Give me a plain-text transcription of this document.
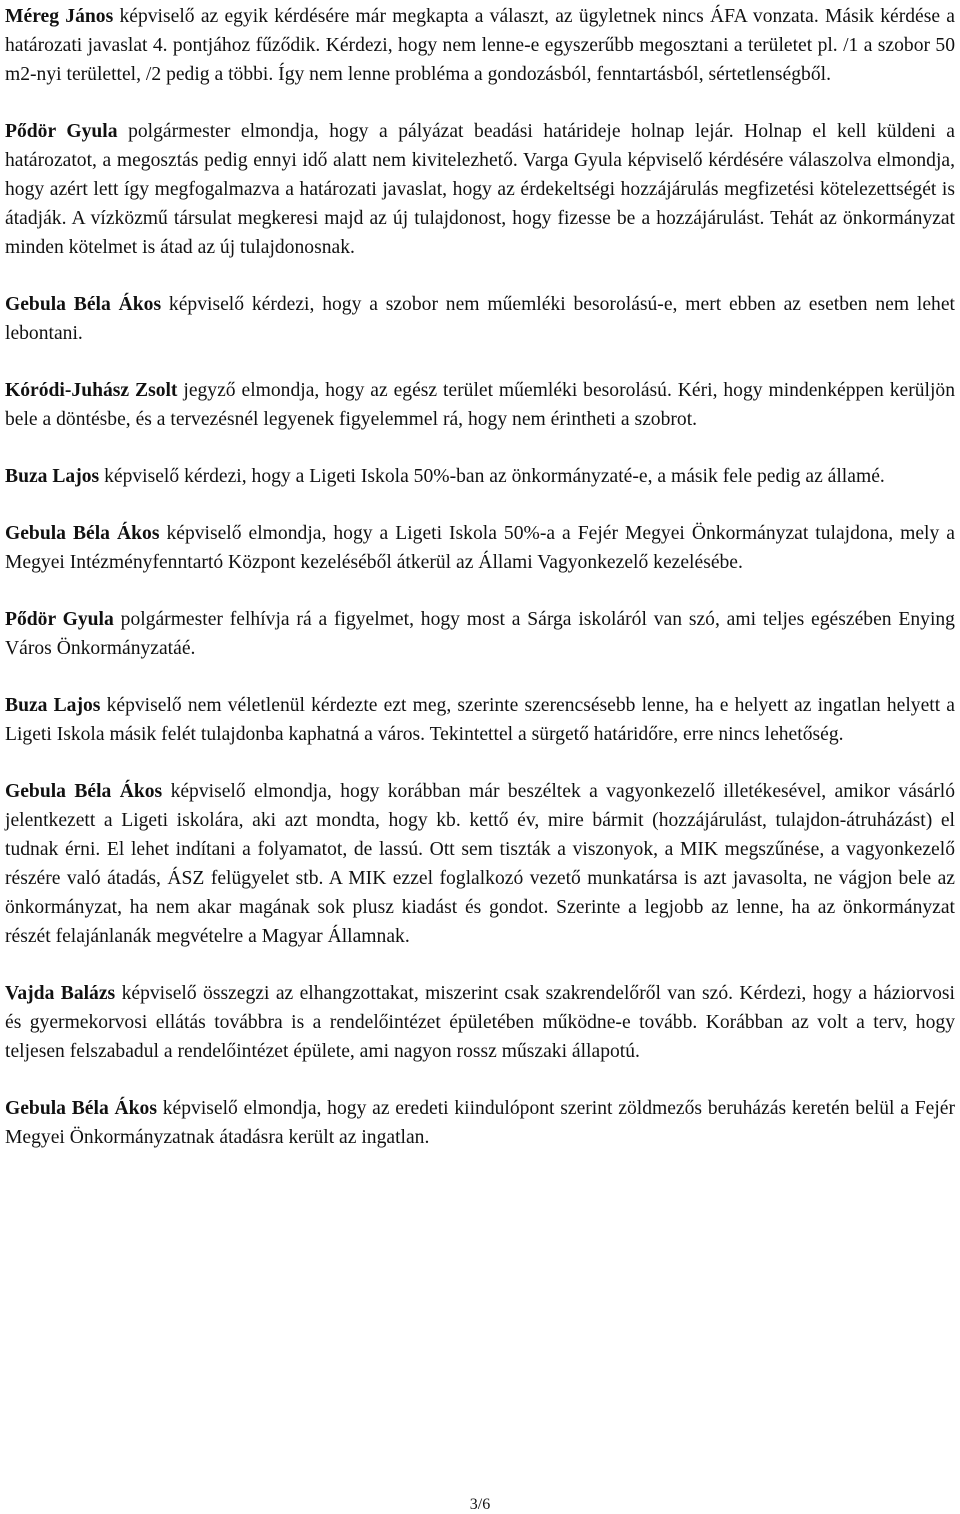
Méreg János képviselő az egyik kérdésére már megkapta a választ, az ügyletnek nincs ÁFA vonzata. Másik kérdése a határozati javaslat 4. pontjához fűződik. Kérdezi, hogy nem lenne-e egyszerűbb megosztani a területet pl. /1 a szobor 50 m2-nyi területtel, /2 pedig a többi. Így nem lenne probléma a gondozásból, fenntartásból, sértetlenségből.

Pődör Gyula polgármester elmondja, hogy a pályázat beadási határideje holnap lejár. Holnap el kell küldeni a határozatot, a megosztás pedig ennyi idő alatt nem kivitelezhető. Varga Gyula képviselő kérdésére válaszolva elmondja, hogy azért lett így megfogalmazva a határozati javaslat, hogy az érdekeltségi hozzájárulás megfizetési kötelezettségét is átadják. A vízközmű társulat megkeresi majd az új tulajdonost, hogy fizesse be a hozzájárulást. Tehát az önkormányzat minden kötelmet is átad az új tulajdonosnak.

Gebula Béla Ákos képviselő kérdezi, hogy a szobor nem műemléki besorolású-e, mert ebben az esetben nem lehet lebontani.

Kóródi-Juhász Zsolt jegyző elmondja, hogy az egész terület műemléki besorolású. Kéri, hogy mindenképpen kerüljön bele a döntésbe, és a tervezésnél legyenek figyelemmel rá, hogy nem érintheti a szobrot.

Buza Lajos képviselő kérdezi, hogy a Ligeti Iskola 50%-ban az önkormányzaté-e, a másik fele pedig az államé.

Gebula Béla Ákos képviselő elmondja, hogy a Ligeti Iskola 50%-a a Fejér Megyei Önkormányzat tulajdona, mely a Megyei Intézményfenntartó Központ kezeléséből átkerül az Állami Vagyonkezelő kezelésébe.

Pődör Gyula polgármester felhívja rá a figyelmet, hogy most a Sárga iskoláról van szó, ami teljes egészében Enying Város Önkormányzatáé.

Buza Lajos képviselő nem véletlenül kérdezte ezt meg, szerinte szerencsésebb lenne, ha e helyett az ingatlan helyett a Ligeti Iskola másik felét tulajdonba kaphatná a város. Tekintettel a sürgető határidőre, erre nincs lehetőség.

Gebula Béla Ákos képviselő elmondja, hogy korábban már beszéltek a vagyonkezelő illetékesével, amikor vásárló jelentkezett a Ligeti iskolára, aki azt mondta, hogy kb. kettő év, mire bármit (hozzájárulást, tulajdon-átruházást) el tudnak érni. El lehet indítani a folyamatot, de lassú. Ott sem tiszták a viszonyok, a MIK megszűnése, a vagyonkezelő részére való átadás, ÁSZ felügyelet stb. A MIK ezzel foglalkozó vezető munkatársa is azt javasolta, ne vágjon bele az önkormányzat, ha nem akar magának sok plusz kiadást és gondot. Szerinte a legjobb az lenne, ha az önkormányzat részét felajánlanák megvételre a Magyar Államnak.

Vajda Balázs képviselő összegzi az elhangzottakat, miszerint csak szakrendelőről van szó. Kérdezi, hogy a háziorvosi és gyermekorvosi ellátás továbbra is a rendelőintézet épületében működne-e tovább. Korábban az volt a terv, hogy teljesen felszabadul a rendelőintézet épülete, ami nagyon rossz műszaki állapotú.

Gebula Béla Ákos képviselő elmondja, hogy az eredeti kiindulópont szerint zöldmezős beruházás keretén belül a Fejér Megyei Önkormányzatnak átadásra került az ingatlan.

3/6
